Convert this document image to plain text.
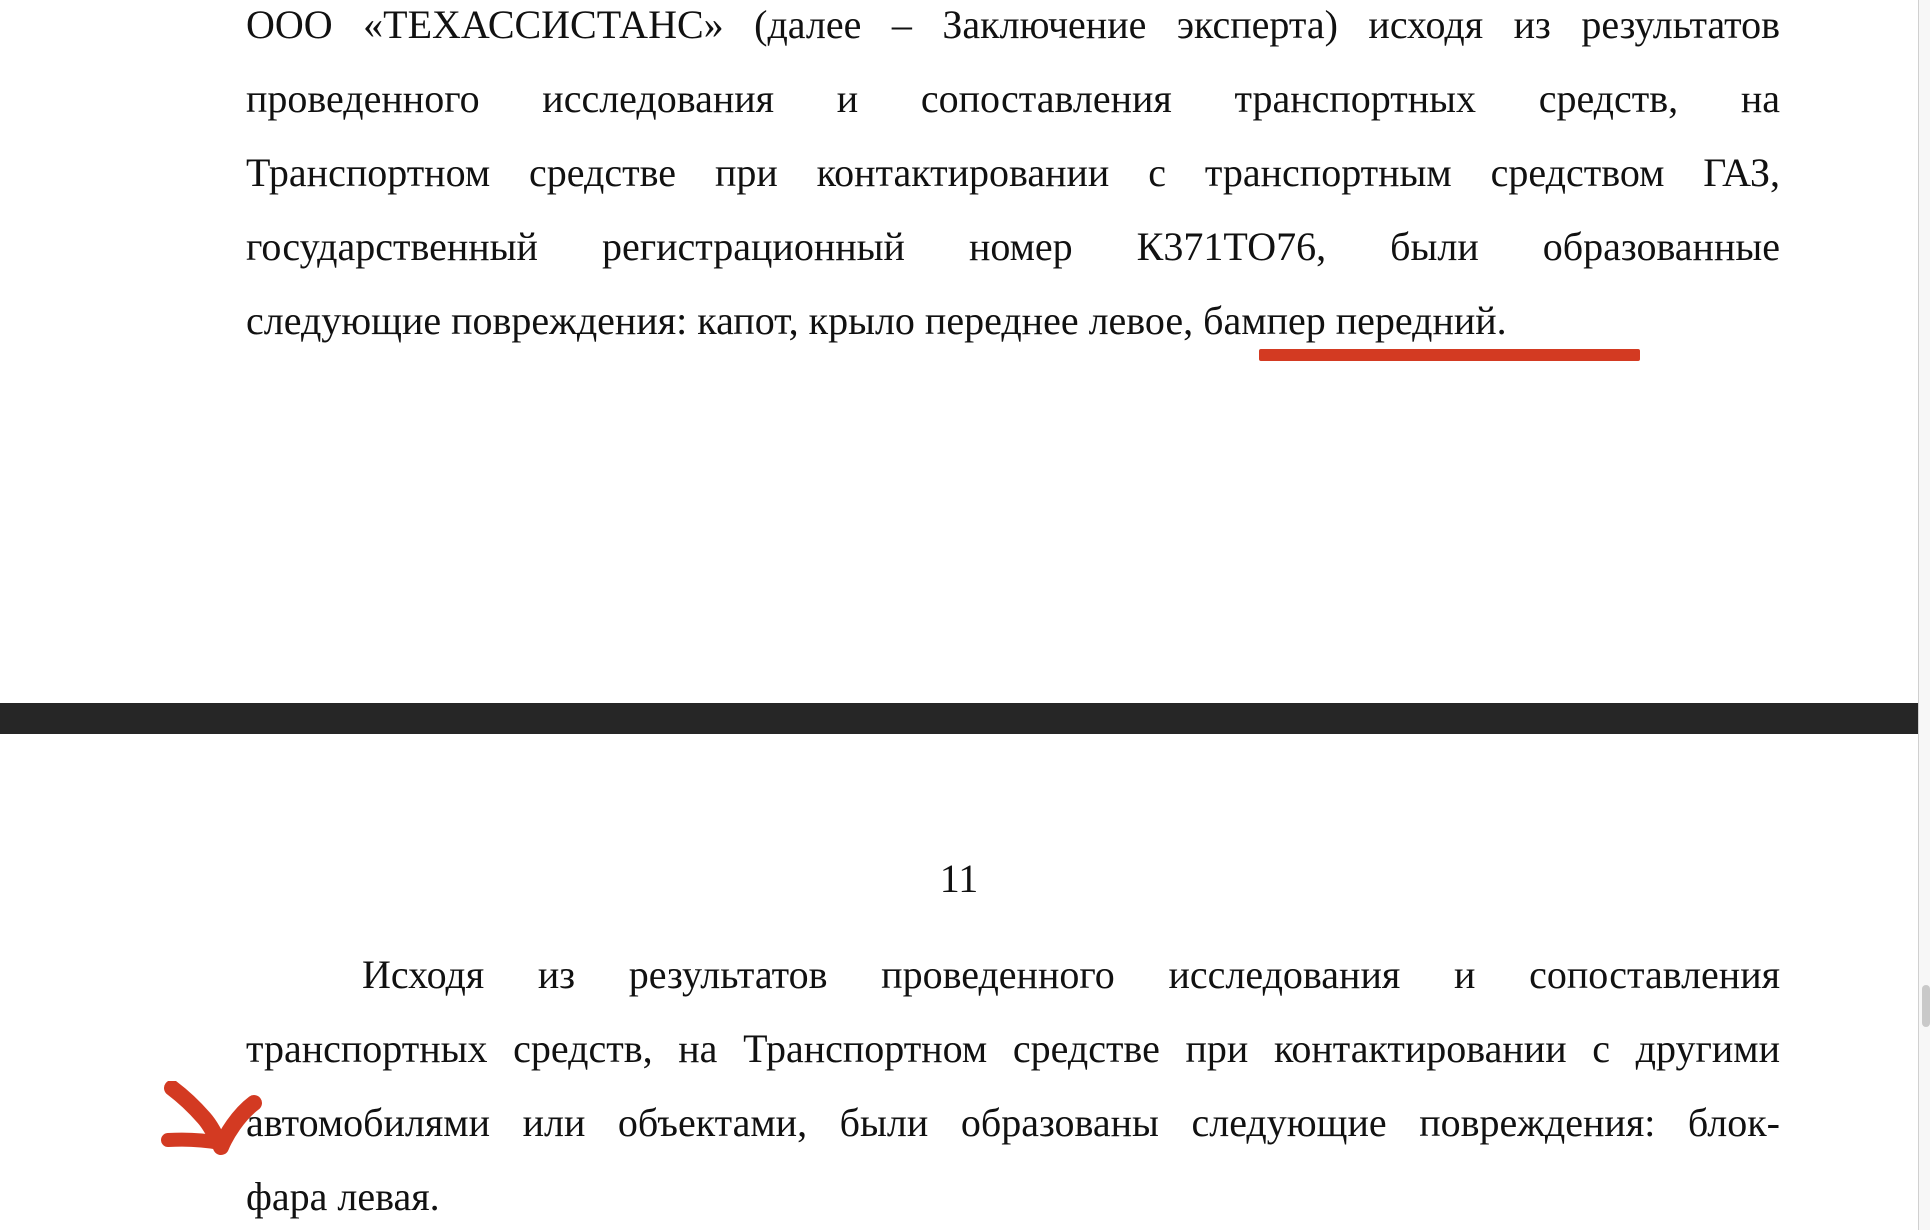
ООО «ТЕХАССИСТАНС» (далее – Заключение эксперта) исходя из результатов
проведенного исследования и сопоставления транспортных средств, на
Транспортном средстве при контактировании с транспортным средством ГАЗ,
государственный регистрационный номер К371ТО76, были образованные
следующие повреждения: капот, крыло переднее левое, бампер передний.
11
Исходя из результатов проведенного исследования и сопоставления
транспортных средств, на Транспортном средстве при контактировании с другими
автомобилями или объектами, были образованы следующие повреждения: блок-
фара левая.
